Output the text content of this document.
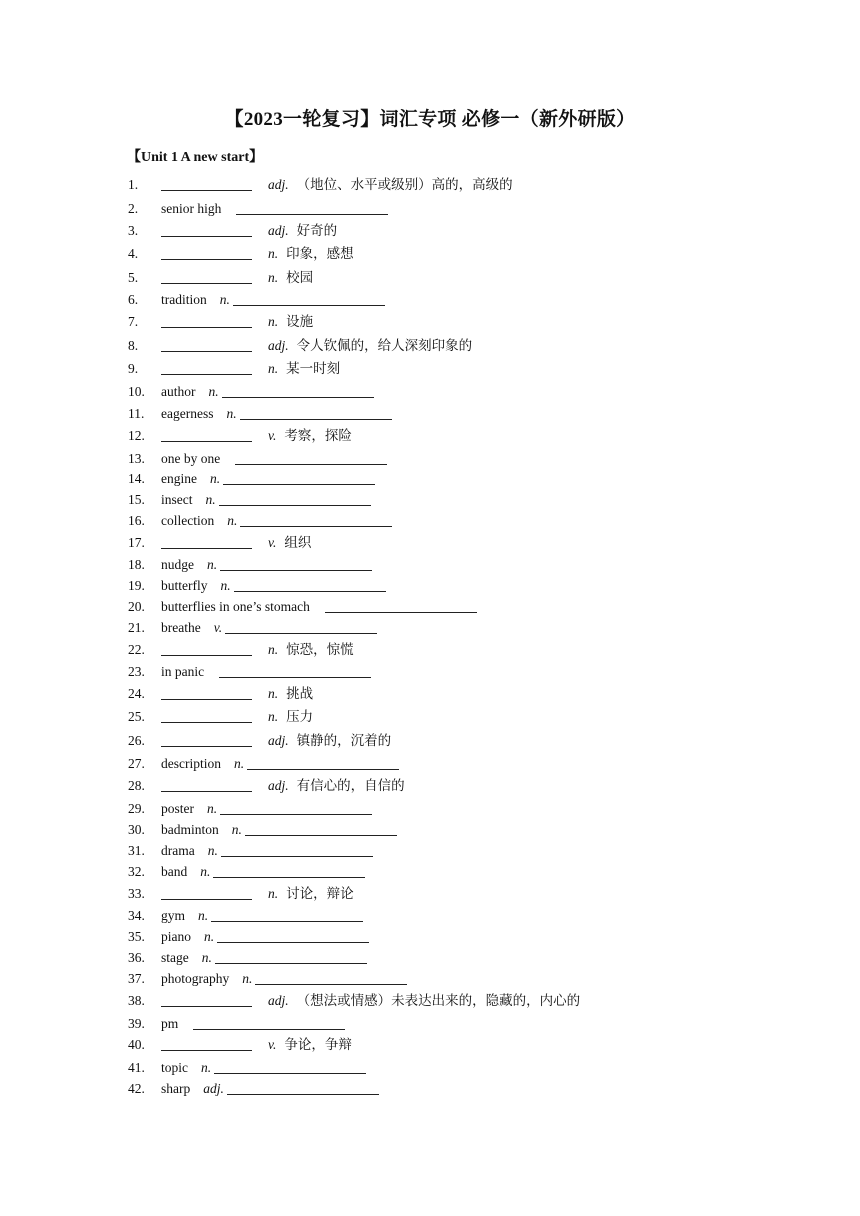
【2023一轮复习】词汇专项 必修一（新外研版）
【Unit 1 A new start】
1.	adj. （地位、水平或级别）高的，高级的
2. senior high
3.	adj. 好奇的
4.	n. 印象，感想
5.	n. 校园
6. tradition n.
7.	n. 设施
8.	adj. 令人钦佩的，给人深刻印象的
9.	n. 某一时刻
10. author n.
11. eagerness n.
12.	v. 考察，探险
13. one by one
14. engine n.
15. insect n.
16. collection n.
17.	v. 组织
18. nudge n.
19. butterfly n.
20. butterflies in one’s stomach
21. breathe v.
22.	n. 惊恐，惊慌
23. in panic
24.	n. 挑战
25.	n. 压力
26.	adj. 镇静的，沉着的
27. description n.
28.	adj. 有信心的，自信的
29. poster n.
30. badminton n.
31. drama n.
32. band n.
33.	n. 讨论，辩论
34. gym n.
35. piano n.
36. stage n.
37. photography n.
38.	adj. （想法或情感）未表达出来的，隐藏的，内心的
39. pm
40.	v. 争论，争辩
41. topic n.
42. sharp adj.
